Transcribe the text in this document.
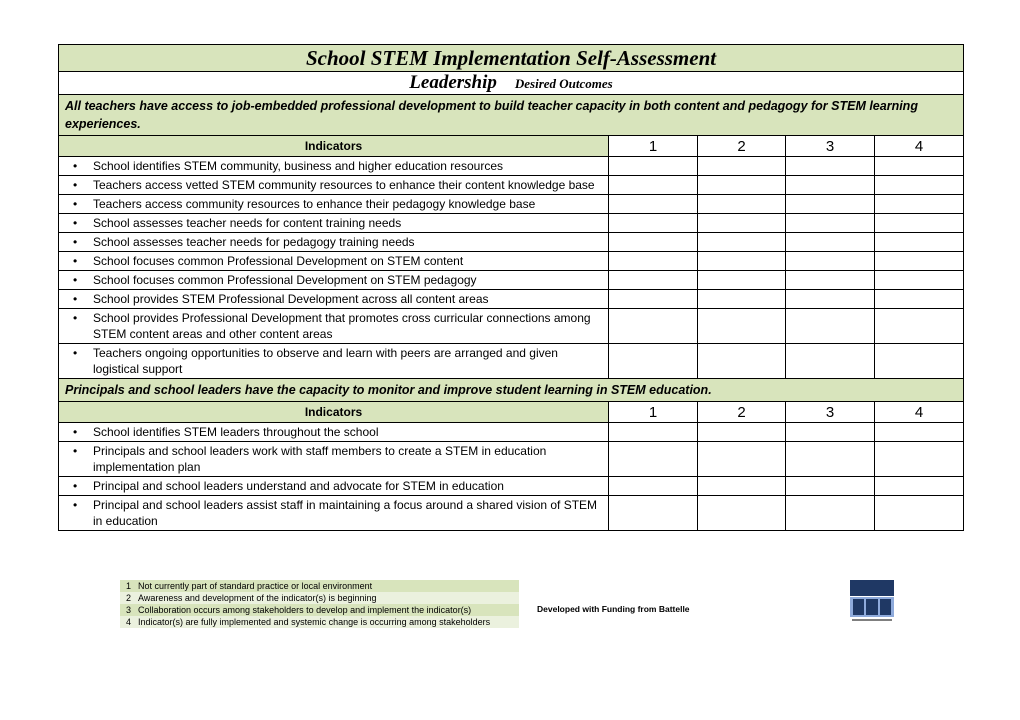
School STEM Implementation Self-Assessment				
Leadership Desired Outcomes				
All teachers have access to job-embedded professional development to build teacher capacity in both content and pedagogy for STEM learning experiences.				
Indicators	1	2	3	4

• School identifies STEM community, business and higher education resources				

• Teachers access vetted STEM community resources to enhance their content knowledge base				

• Teachers access community resources to enhance their pedagogy knowledge base				

• School assesses teacher needs for content training needs				

• School assesses teacher needs for pedagogy training needs				

• School focuses common Professional Development on STEM content				

• School focuses common Professional Development on STEM pedagogy				

• School provides STEM Professional Development across all content areas				

• School provides Professional Development that promotes cross curricular connections among STEM content areas and other content areas				

• Teachers ongoing opportunities to observe and learn with peers are arranged and given logistical support				

Principals and school leaders have the capacity to monitor and improve student learning in STEM education.				
Indicators	1	2	3	4

• School identifies STEM leaders throughout the school				

• Principals and school leaders work with staff members to create a STEM in education implementation plan				

• Principal and school leaders understand and advocate for STEM in education				

• Principal and school leaders assist staff in maintaining a focus around a shared vision of STEM in education				

1 Not currently part of standard practice or local environment
2 Awareness and development of the indicator(s) is beginning
3 Collaboration occurs among stakeholders to develop and implement the indicator(s)
4 Indicator(s) are fully implemented and systemic change is occurring among stakeholders
Developed with Funding from Battelle
